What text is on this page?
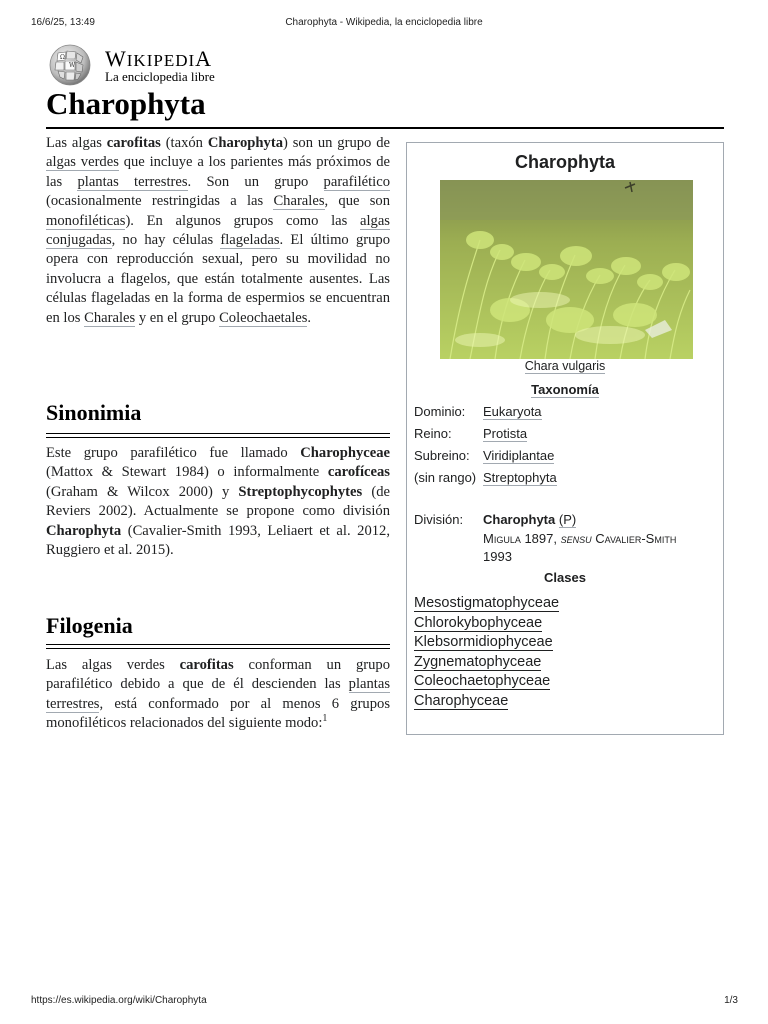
16/6/25, 13:49	Charophyta - Wikipedia, la enciclopedia libre
Ω
W WIKIPEDIA
La enciclopedia libre
Charophyta

Las algas carofitas (taxón Charophyta) son un grupo de algas verdes que incluye a los parientes más próximos de las plantas terrestres. Son un grupo parafilético (ocasionalmente restringidas a las Charales, que son monofiléticas). En algunos grupos como las algas conjugadas, no hay células flageladas. El último grupo opera con reproducción sexual, pero su movilidad no involucra a flagelos, que están totalmente ausentes. Las células flageladas en la forma de espermios se encuentran en los Charales y en el grupo Coleochaetales.

Sinonimia

Este grupo parafilético fue llamado Charophyceae (Mattox & Stewart 1984) o informalmente carofíceas (Graham & Wilcox 2000) y Streptophycophytes (de Reviers 2002). Actualmente se propone como división Charophyta (Cavalier-Smith 1993, Leliaert et al. 2012, Ruggiero et al. 2015).

Filogenia

Las algas verdes carofitas conforman un grupo parafilético debido a que de él descienden las plantas terrestres, está conformado por al menos 6 grupos monofiléticos relacionados del siguiente modo:$^1$

Charophyta
Chara vulgaris
Taxonomía
Dominio:	Eukaryota
Reino:	Protista
Subreino:	Viridiplantae
(sin rango) Streptophyta
División:	Charophyta (P)
Migula 1897, sensu Cavalier-Smith
1993
Clases
Mesostigmatophyceae
Chlorokybophyceae
Klebsormidiophyceae
Zygnematophyceae
Coleochaetophyceae
Charophyceae
https://es.wikipedia.org/wiki/Charophyta	1/3
